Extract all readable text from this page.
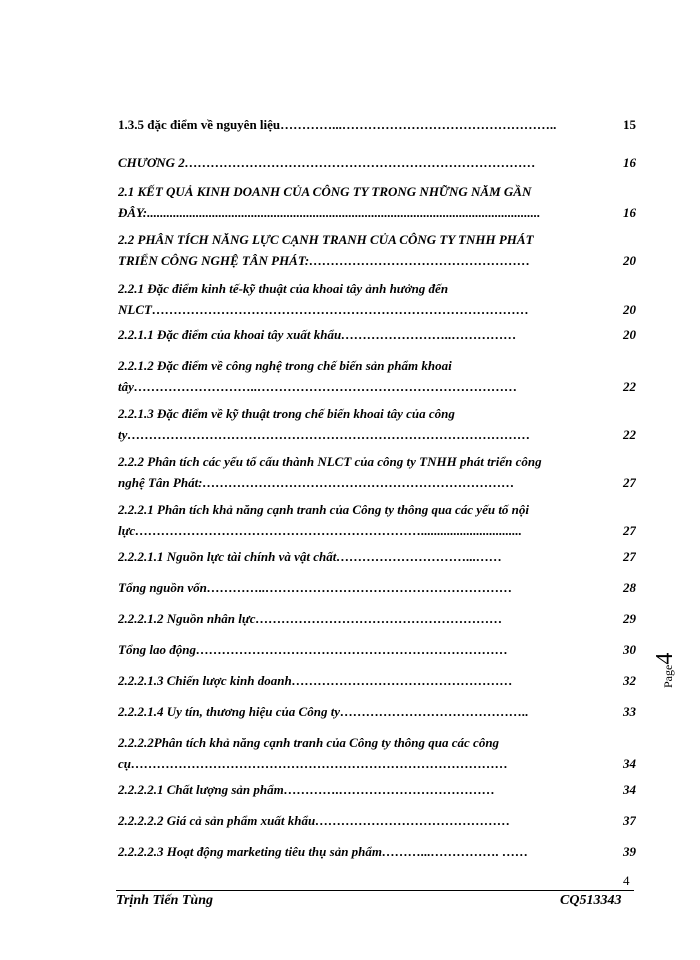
1.3.5 đặc điểm về nguyên liệu…………...…………………………………………..	15
CHƯƠNG 2………………………………………………………………………	16
2.1 KẾT QUẢ KINH DOANH CỦA CÔNG TY TRONG NHỮNG NĂM GẦN
ĐÂY:.........................................................................................................................	16
2.2 PHÂN TÍCH NĂNG LỰC CẠNH TRANH CỦA CÔNG TY TNHH PHÁT
TRIỂN CÔNG NGHỆ TÂN PHÁT:……………………………………………	20
2.2.1 Đặc điểm kinh tế-kỹ thuật của khoai tây ảnh hưởng đến
NLCT……………………………………………………………………………	20
2.2.1.1 Đặc điểm của khoai tây xuất khẩu……………………..……………	20
2.2.1.2 Đặc điểm về công nghệ trong chế biến sản phẩm khoai
tây………………………..……………………………………………………	22
2.2.1.3 Đặc điểm về kỹ thuật trong chế biến khoai tây của công
ty…………………………………………………………………………………	22
2.2.2 Phân tích các yếu tố cấu thành NLCT của công ty TNHH phát triển công
nghệ Tân Phát:………………………………………………………………	27
2.2.2.1 Phân tích khả năng cạnh tranh của Công ty thông qua các yếu tố nội
lực…………………………………………………………...............................	27
2.2.2.1.1 Nguồn lực tài chính và vật chất…………………………...……	27
Tổng nguồn vốn…………..…………………………………………………	28
2.2.2.1.2 Nguồn nhân lực…………………………………………………	29
Tổng lao động………………………………………………………………	30
2.2.2.1.3 Chiến lược kinh doanh……………………………………………	32
2.2.2.1.4 Uy tín, thương hiệu của Công ty……………………………………..	33
2.2.2.2Phân tích khả năng cạnh tranh của Công ty thông qua các công
cụ……………………………………………………………………………	34
2.2.2.2.1 Chất lượng sản phẩm………….………………………………	34
2.2.2.2.2 Giá cả sản phẩm xuất khẩu………………………………………	37
2.2.2.2.3 Hoạt động marketing tiêu thụ sản phẩm………...……………. ……	39
Page4
4
Trịnh Tiến Tùng	CQ513343
